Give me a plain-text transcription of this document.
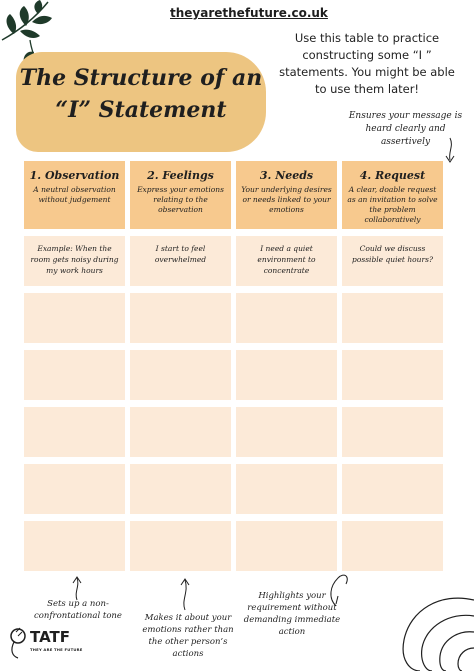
theyarethefuture.co.uk
The Structure of an
“I” Statement
Use this table to practice constructing some “I ” statements. You might be able to use them later!
Ensures your message is heard clearly and assertively
1. Observation
A neutral observation without judgement
2. Feelings
Express your emotions relating to the observation
3. Needs
Your underlying desires or needs linked to your emotions
4. Request
A clear, doable request as an invitation to solve the problem collaboratively
Example: When the room gets noisy during my work hours
I start to feel overwhelmed
I need a quiet environment to concentrate
Could we discuss possible quiet hours?
Sets up a non-confrontational tone	Makes it about your emotions rather than the other person’s actions
Highlights your requirement without demanding immediate action
TATF
THEY ARE THE FUTURE
